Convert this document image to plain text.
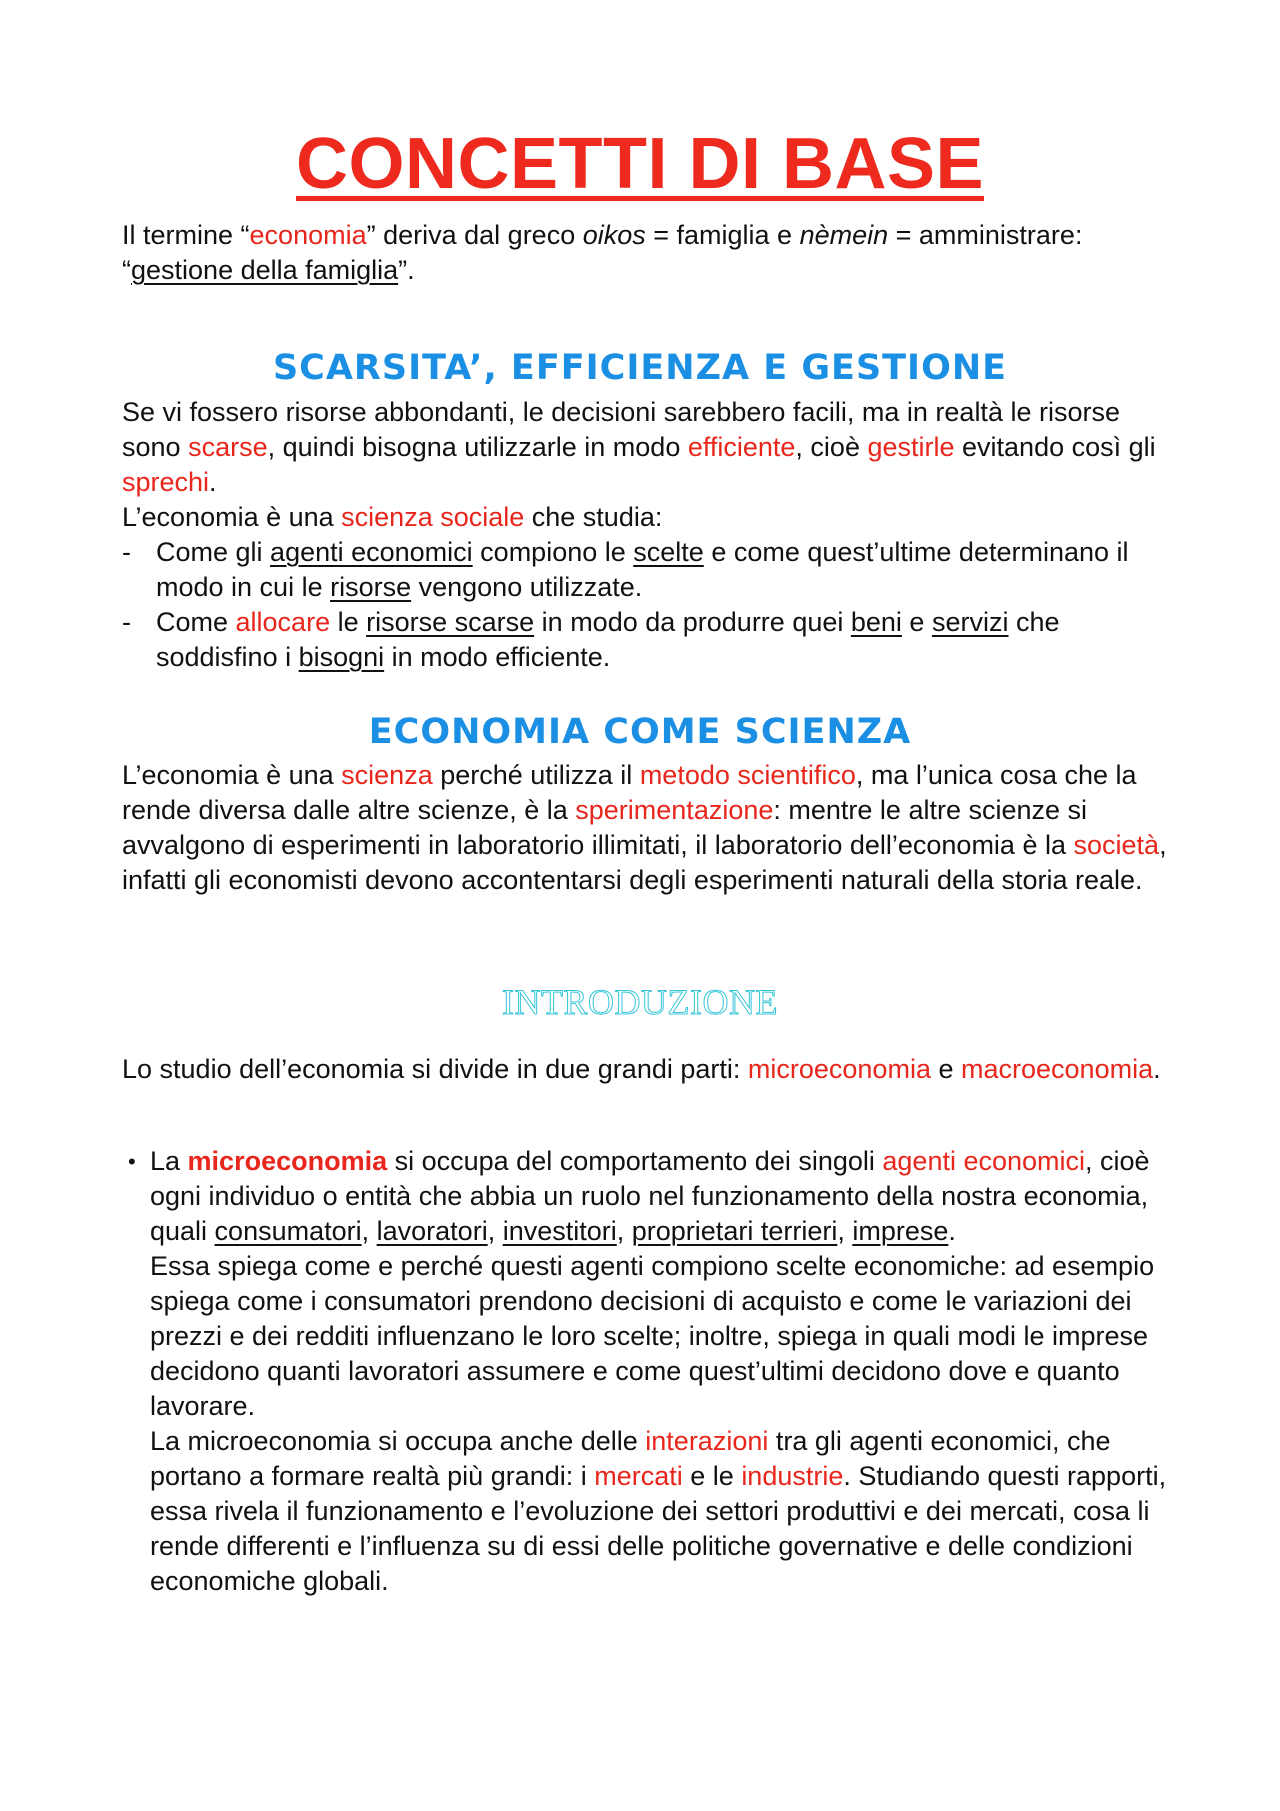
CONCETTI DI BASE

Il termine “economia” deriva dal greco oikos = famiglia e nèmein = amministrare: “gestione della famiglia”.

SCARSITA’, EFFICIENZA E GESTIONE

Se vi fossero risorse abbondanti, le decisioni sarebbero facili, ma in realtà le risorse sono scarse, quindi bisogna utilizzarle in modo efficiente, cioè gestirle evitando così gli sprechi.
L’economia è una scienza sociale che studia:

- Come gli agenti economici compiono le scelte e come quest’ultime determinano il modo in cui le risorse vengono utilizzate.
- Come allocare le risorse scarse in modo da produrre quei beni e servizi che soddisfino i bisogni in modo efficiente.
ECONOMIA COME SCIENZA

L’economia è una scienza perché utilizza il metodo scientifico, ma l’unica cosa che la rende diversa dalle altre scienze, è la sperimentazione: mentre le altre scienze si avvalgono di esperimenti in laboratorio illimitati, il laboratorio dell’economia è la società, infatti gli economisti devono accontentarsi degli esperimenti naturali della storia reale.

INTRODUZIONE

Lo studio dell’economia si divide in due grandi parti: microeconomia e macroeconomia.

• La microeconomia si occupa del comportamento dei singoli agenti economici, cioè ogni individuo o entità che abbia un ruolo nel funzionamento della nostra economia, quali consumatori, lavoratori, investitori, proprietari terrieri, imprese.
Essa spiega come e perché questi agenti compiono scelte economiche: ad esempio spiega come i consumatori prendono decisioni di acquisto e come le variazioni dei prezzi e dei redditi influenzano le loro scelte; inoltre, spiega in quali modi le imprese decidono quanti lavoratori assumere e come quest’ultimi decidono dove e quanto lavorare.
La microeconomia si occupa anche delle interazioni tra gli agenti economici, che portano a formare realtà più grandi: i mercati e le industrie. Studiando questi rapporti, essa rivela il funzionamento e l’evoluzione dei settori produttivi e dei mercati, cosa li rende differenti e l’influenza su di essi delle politiche governative e delle condizioni economiche globali.
